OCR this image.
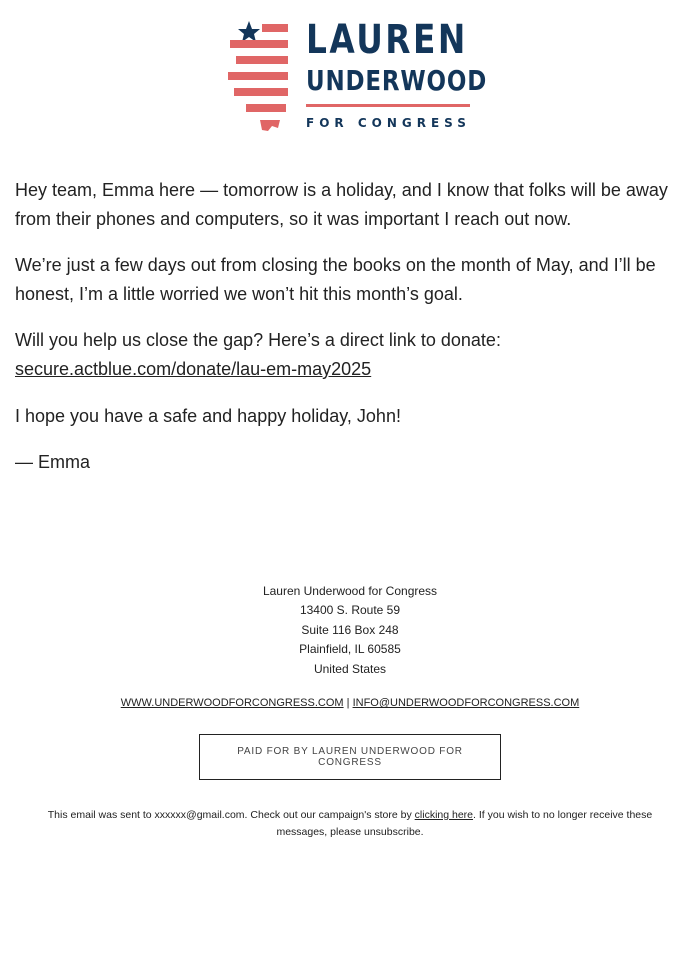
LAUREN
UNDERWOOD
FOR CONGRESS

Hey team, Emma here — tomorrow is a holiday, and I know that folks will be away from their phones and computers, so it was important I reach out now.

We’re just a few days out from closing the books on the month of May, and I’ll be honest, I’m a little worried we won’t hit this month’s goal.

Will you help us close the gap? Here’s a direct link to donate:
secure.actblue.com/donate/lau-em-may2025

I hope you have a safe and happy holiday, John!

— Emma

Lauren Underwood for Congress
13400 S. Route 59
Suite 116 Box 248
Plainfield, IL 60585
United States
WWW.UNDERWOODFORCONGRESS.COM | INFO@UNDERWOODFORCONGRESS.COM
PAID FOR BY LAUREN UNDERWOOD FOR CONGRESS
This email was sent to xxxxxx@gmail.com. Check out our campaign's store by clicking here. If you wish to no longer receive these messages, please unsubscribe.
